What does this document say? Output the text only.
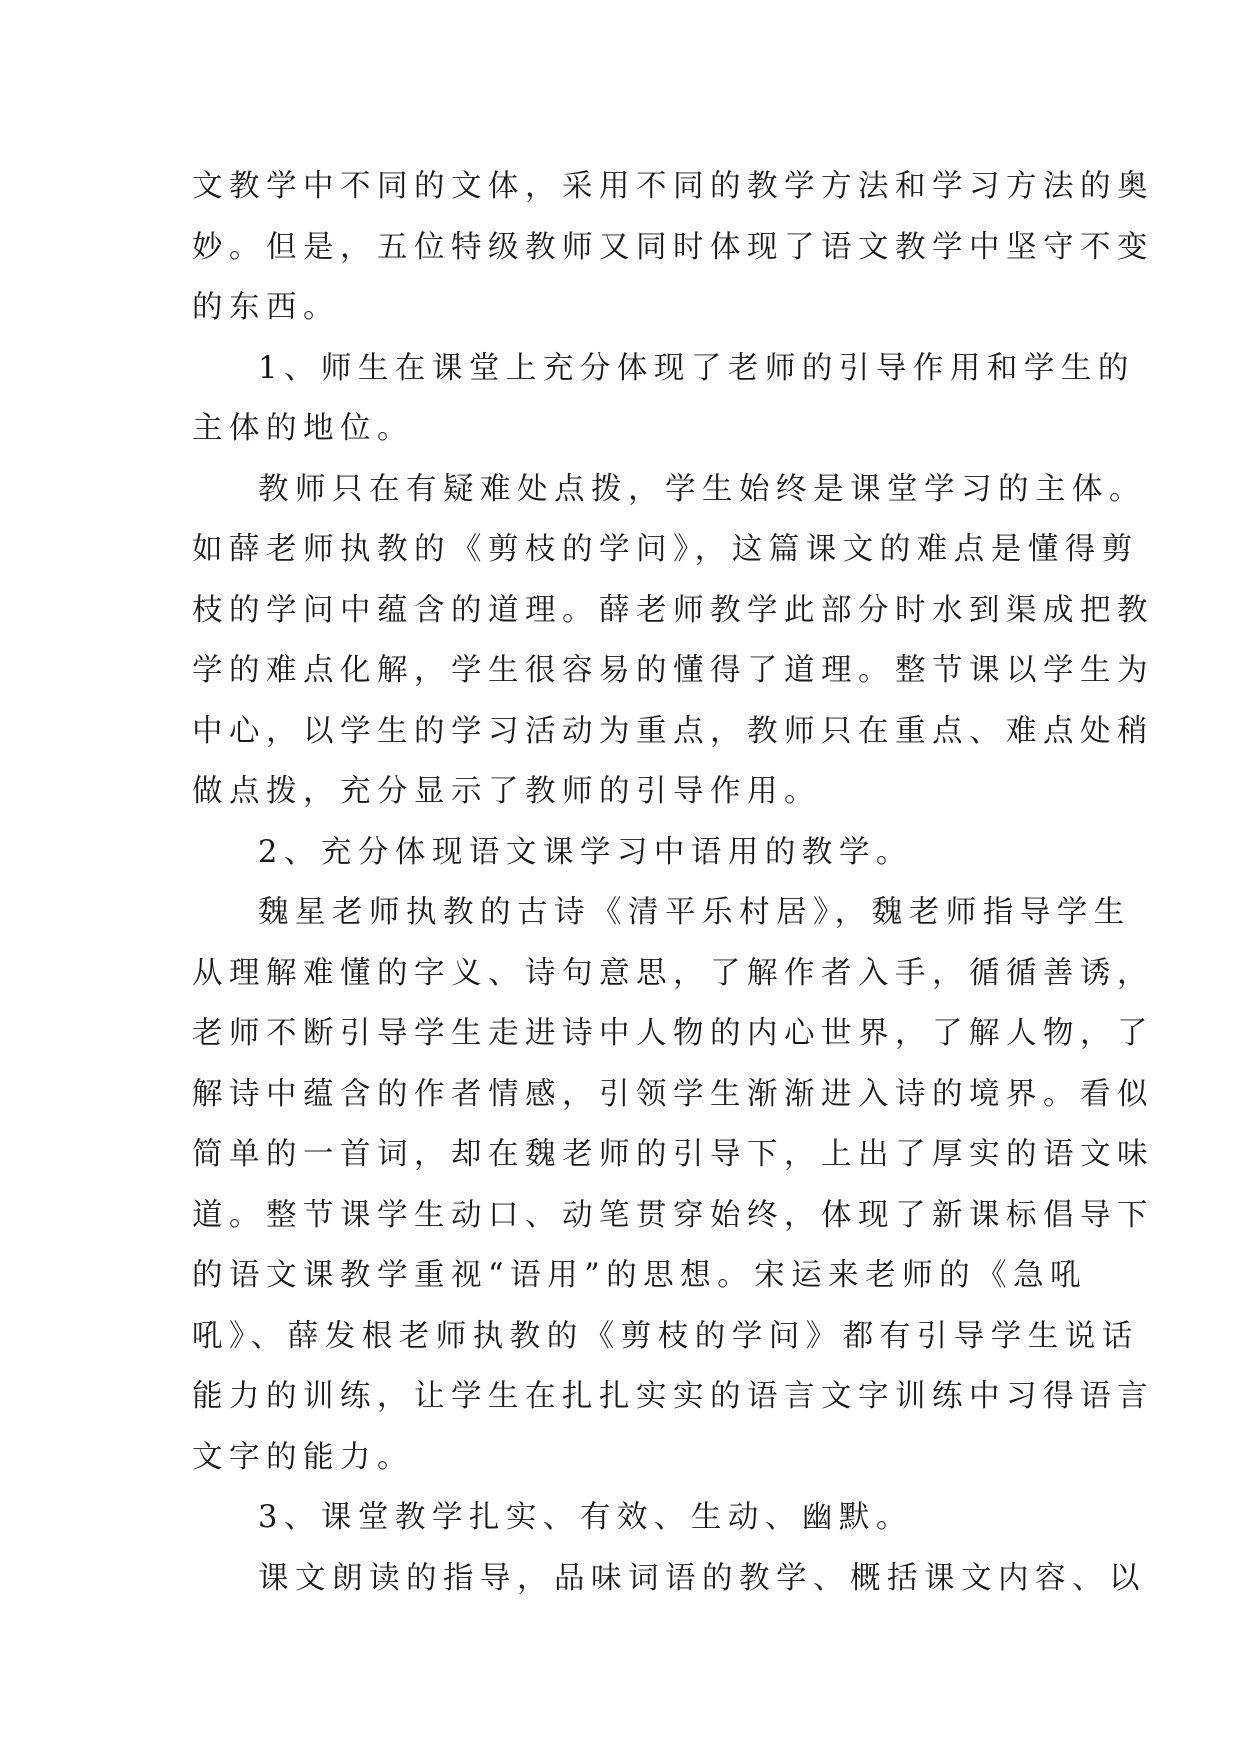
文教学中不同的文体，采用不同的教学方法和学习方法的奥
妙。但是，五位特级教师又同时体现了语文教学中坚守不变
的东西。
1、师生在课堂上充分体现了老师的引导作用和学生的
主体的地位。
教师只在有疑难处点拨，学生始终是课堂学习的主体。
如薛老师执教的《剪枝的学问》，这篇课文的难点是懂得剪
枝的学问中蕴含的道理。薛老师教学此部分时水到渠成把教
学的难点化解，学生很容易的懂得了道理。整节课以学生为
中心，以学生的学习活动为重点，教师只在重点、难点处稍
做点拨，充分显示了教师的引导作用。
2、充分体现语文课学习中语用的教学。
魏星老师执教的古诗《清平乐村居》，魏老师指导学生
从理解难懂的字义、诗句意思，了解作者入手，循循善诱，
老师不断引导学生走进诗中人物的内心世界，了解人物，了
解诗中蕴含的作者情感，引领学生渐渐进入诗的境界。看似
简单的一首词，却在魏老师的引导下，上出了厚实的语文味
道。整节课学生动口、动笔贯穿始终，体现了新课标倡导下
的语文课教学重视“语用”的思想。宋运来老师的《急吼
吼》、薛发根老师执教的《剪枝的学问》都有引导学生说话
能力的训练，让学生在扎扎实实的语言文字训练中习得语言
文字的能力。
3、课堂教学扎实、有效、生动、幽默。
课文朗读的指导，品味词语的教学、概括课文内容、以
